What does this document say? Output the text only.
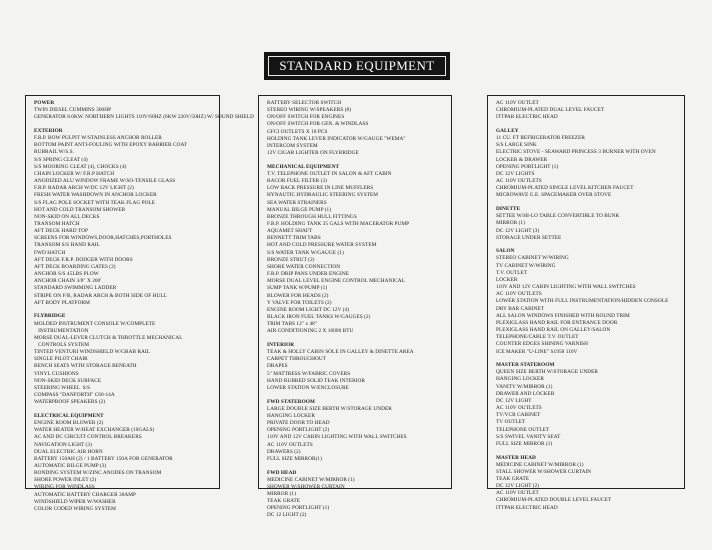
STANDARD EQUIPMENT
POWER
TWIN DIESEL CUMMINS 300HP
GENERATOR 8.0KW. NORTHERN LIGHTS 110V/60HZ (6KW 220V/50HZ) W/ SOUND SHIELD
EXTERIOR
F.R.P. BOW PULPIT W/STAINLESS ANCHOR ROLLER
BOTTOM PAINT ANTI-FOULING WITH EPOXY BARRIER COAT
RUBRAIL W/S.S.
S/S SPRING CLEAT (4)
S/S MOORING CLEAT (4), CHOCKS (4)
CHAIN LOCKER W/ F.R.P HATCH
ANODIZED ALU WINDOW FRAME W/SO-TENSILE GLASS
F.R.P. RADAR ARCH W/DC 12V LIGHT (2)
FRESH WATER WASHDOWN IN ANCHOR LOCKER
S/S FLAG POLE SOCKET WITH TEAK FLAG POLE
HOT AND COLD TRANSOM SHOWER
NON-SKID ON ALL DECKS
TRANSOM HATCH
AFT DECK HARD TOP
SCREENS FOR WINDOWS,DOOR,HATCHES,PORTHOLES
TRANSOM S/S HAND RAIL
FWD HATCH
AFT DECK F.R.P. DODGER WITH DOORS
AFT DECK BOARDING GATES (2)
ANCHOR S/S 45LBS PLOW
ANCHOR CHAIN 3/8" X 200'
STANDARD SWIMMING LADDER
STRIPE ON F/B, RADAR ARCH & BOTH SIDE OF HULL
AFT BODY PLATFORM
FLYBRIDGE
MOLDED INSTRUMENT CONSOLE W/COMPLETE
INSTRUMENTATION
MORSE DUAL-LEVER CLUTCH & THROTTLE MECHANICAL
CONTROLS SYSTEM
TINTED VENTURI WINDSHIELD W/GRAB RAIL
SINGLE PILOT CHAIR
BENCH SEATS WITH STORAGE BENEATH
VINYL CUSHIONS
NON-SKID DECK SURFACE
STEERING WHEEL  S/S
COMPASS "DANFORTH" C60-14A
WATERPROOF SPEAKERS (2)
ELECTRICAL EQUIPMENT
ENGINE ROOM BLOWER (2)
WATER HEATER W/HEAT EXCHANGER (10GALS)
AC AND DC CIRCUIT CONTROL BREAKERS
NAVIGATION LIGHT (3)
DUAL ELECTRIC AIR HORN
BATTERY 150AH (2) / 1 BATTERY 150A FOR GENERATOR
AUTOMATIC BILGE PUMP (3)
BONDING SYSTEM W/ZINC ANODES ON TRANSOM
SHORE POWER INLET (2)
WIRING FOR WINDLASS
AUTOMATIC BATTERY CHARGER 30AMP
WINDSHIELD WIPER W/WASHER
COLOR CODED WIRING SYSTEM
BATTERY SELECTOR SWITCH
STEREO WIRING W/SPEAKERS (8)
ON/OFF SWITCH FOR ENGINES
ON/OFF SWITCH FOR GEN. & WINDLASS
GFCI OUTLETS X 18 PCS
HOLDING TANK LEVER INDICATOR W/GAUGE "WEMA"
INTERCOM SYSTEM
12V CIGAR LIGHTER ON FLYBRIDGE
MECHANICAL EQUIPMENT
T.V. TELEPHONE OUTLET IN SALON & AFT CABIN
RACOR FUEL FILTER (3)
LOW BACK PRESSURE IN LINE MUFFLERS
HYNAUTIC HYDRAULIC STEERING SYSTEM
SEA WATER STRAINERS
MANUAL BILGE PUMP (1)
BRONZE THROUGH HULL FITTINGS
F.R.P. HOLDING TANK 35 GALS WITH MACERATOR PUMP
AQUAMET SHAFT
BENNETT TRIM TABS
HOT AND COLD PRESSURE WATER SYSTEM
S/S WATER TANK W/GAUGE (1)
BRONZE STRUT (2)
SHORE WATER CONNECTION
F.R.P. DRIP PANS UNDER ENGINE
MORSE DUAL LEVEL ENGINE CONTROL MECHANICAL
SUMP TANK W/PUMP (1)
BLOWER FOR HEADS (2)
Y VALVE FOR TOILETS (2)
ENGINE ROOM LIGHT DC 12V (4)
BLACK IRON FUEL TANKS W/GAUGES (2)
TRIM TABS 12" x 48"
AIR CONDITIONING 2 X 16000 BTU
INTERIOR
TEAK & HOLLY CABIN SOLE IN GALLEY & DINETTE AREA
CARPET THROUGHOUT
DRAPES
5" MATTRESS W/FABRIC COVERS
HAND RUBBED SOLID TEAK INTERIOR
LOWER STATION W/ENCLOSURE
FWD STATEROOM
LARGE DOUBLE SIZE BERTH W/STORAGE UNDER
HANGING LOCKER
PRIVATE DOOR TO HEAD
OPENING PORTLIGHT (2)
110V AND 12V CABIN LIGHTING WITH WALL SWITCHES
AC 110V OUTLETS
DRAWERS (2)
FULL SIZE MIRROR(1)
FWD HEAD
MEDICINE CABINET W/MIRROR (1)
SHOWER W/SHOWER CURTAIN
MIRROR (1)
TEAK GRATE
OPENING PORTLIGHT (1)
DC 12 LIGHT (2)
AC 110V OUTLET
CHROMIUM-PLATED DUAL LEVEL FAUCET
ITTPAR ELECTRIC HEAD
GALLEY
11 CU. FT REFRIGERATOR FREEZER
S/S LARGE SINK
ELECTRIC STOVE - SEAWARD PRINCESS 3 BURNER WITH OVEN
LOCKER & DRAWER
OPENING PORTLIGHT (1)
DC 12V LIGHTS
AC 110V OUTLETS
CHROMIUM-PLATED SINGLE LEVEL KITCHEN FAUCET
MICROWAVE G.E. SPACEMAKER OVER STOVE
DINETTE
SETTEE W/HI-LO TABLE CONVERTIBLE TO BUNK
MIRROR (1)
DC 12V LIGHT (3)
STORAGE UNDER SETTEE
SALON
STEREO CABINET W/WIRING
TV CABINET W/WIRING
T.V. OUTLET
LOCKER
110V AND 12V CABIN LIGHTING WITH WALL SWITCHES
AC 110V OUTLETS
LOWER STATION WITH FULL INSTRUMENTATION/HIDDEN CONSOLE
DRY BAR CABINET
ALL SALON WINDOWS FINISHED WITH ROUND TRIM
PLEXIGLASS HAND RAIL FOR ENTRANCE DOOR
PLEXIGLASS HAND RAIL ON GALLEY/SALON
TELEPHONE/CABLE T.V. OUTLET
COUNTER EDGES SHINING VARNISH
ICE MAKER "U-LINE" S1958 110V
MASTER STATEROOM
QUEEN SIZE BERTH W/STORAGE UNDER
HANGING LOCKER
VANITY W/MIRROR (1)
DRAWER AND LOCKER
DC 12V LIGHT
AC 110V OUTLETS
TV/VCR CABINET
TV OUTLET
TELEPHONE OUTLET
S/S SWIVEL VANITY SEAT
FULL SIZE MIRROR (1)
MASTER HEAD
MEDICINE CABINET W/MIRROR (1)
STALL SHOWER W/SHOWER CURTAIN
TEAK GRATE
DC 12V LIGHT (2)
AC 110V OUTLET
CHROMIUM-PLATED DOUBLE LEVEL FAUCET
ITTPAR ELECTRIC HEAD
